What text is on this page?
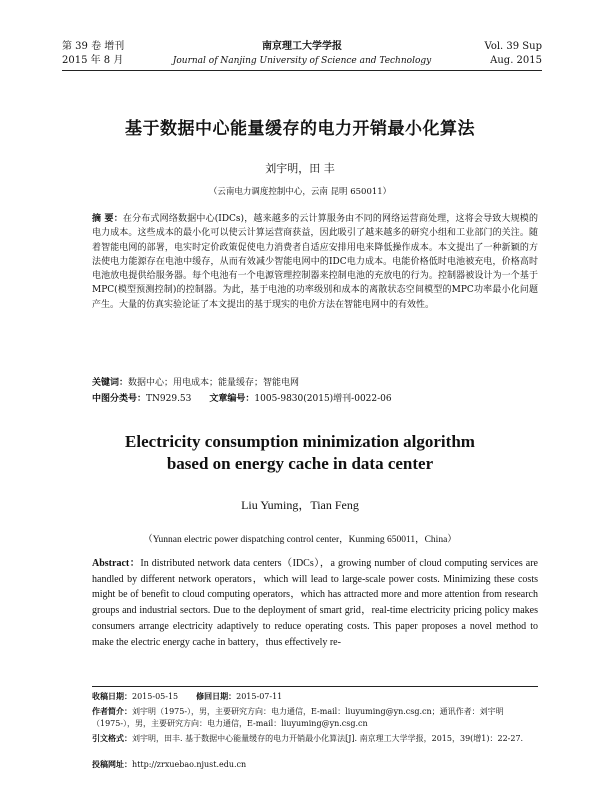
第 39 卷 增刊	南京理工大学学报	Vol. 39 Sup
2015 年 8 月	Journal of Nanjing University of Science and Technology	Aug. 2015
基于数据中心能量缓存的电力开销最小化算法
刘宇明，田 丰
（云南电力调度控制中心，云南 昆明 650011）
摘 要：在分布式网络数据中心(IDCs)，越来越多的云计算服务由不同的网络运营商处理，这将会导致大规模的电力成本。这些成本的最小化可以使云计算运营商获益，因此吸引了越来越多的研究小组和工业部门的关注。随着智能电网的部署，电实时定价政策促使电力消费者自适应安排用电来降低操作成本。本文提出了一种新颖的方法使电力能源存在电池中缓存，从而有效减少智能电网中的IDC电力成本。电能价格低时电池被充电，价格高时电池放电提供给服务器。每个电池有一个电源管理控制器来控制电池的充放电的行为。控制器被设计为一个基于MPC(模型预测控制)的控制器。为此，基于电池的功率级别和成本的离散状态空间模型的MPC功率最小化问题产生。大量的仿真实验论证了本文提出的基于现实的电价方法在智能电网中的有效性。
关键词：数据中心；用电成本；能量缓存；智能电网
中图分类号：TN929.53 文章编号：1005-9830(2015)增刊-0022-06
Electricity consumption minimization algorithm
based on energy cache in data center
Liu Yuming，Tian Feng
（Yunnan electric power dispatching control center，Kunming 650011，China）
Abstract：In distributed network data centers（IDCs），a growing number of cloud computing services are handled by different network operators，which will lead to large-scale power costs. Minimizing these costs might be of benefit to cloud computing operators，which has attracted more and more attention from research groups and industrial sectors. Due to the deployment of smart grid，real-time electricity pricing policy makes consumers arrange electricity adaptively to reduce operating costs. This paper proposes a novel method to make the electric energy cache in battery，thus effectively re-
收稿日期：2015-05-15 修回日期：2015-07-11
作者简介：刘宇明（1975-），男，主要研究方向：电力通信，E-mail：liuyuming@yn.csg.cn；通讯作者：刘宇明（1975-），男，主要研究方向：电力通信，E-mail：liuyuming@yn.csg.cn
引文格式：刘宇明，田丰. 基于数据中心能量缓存的电力开销最小化算法[J]. 南京理工大学学报，2015，39(增1)：22-27.
投稿网址：http://zrxuebao.njust.edu.cn
